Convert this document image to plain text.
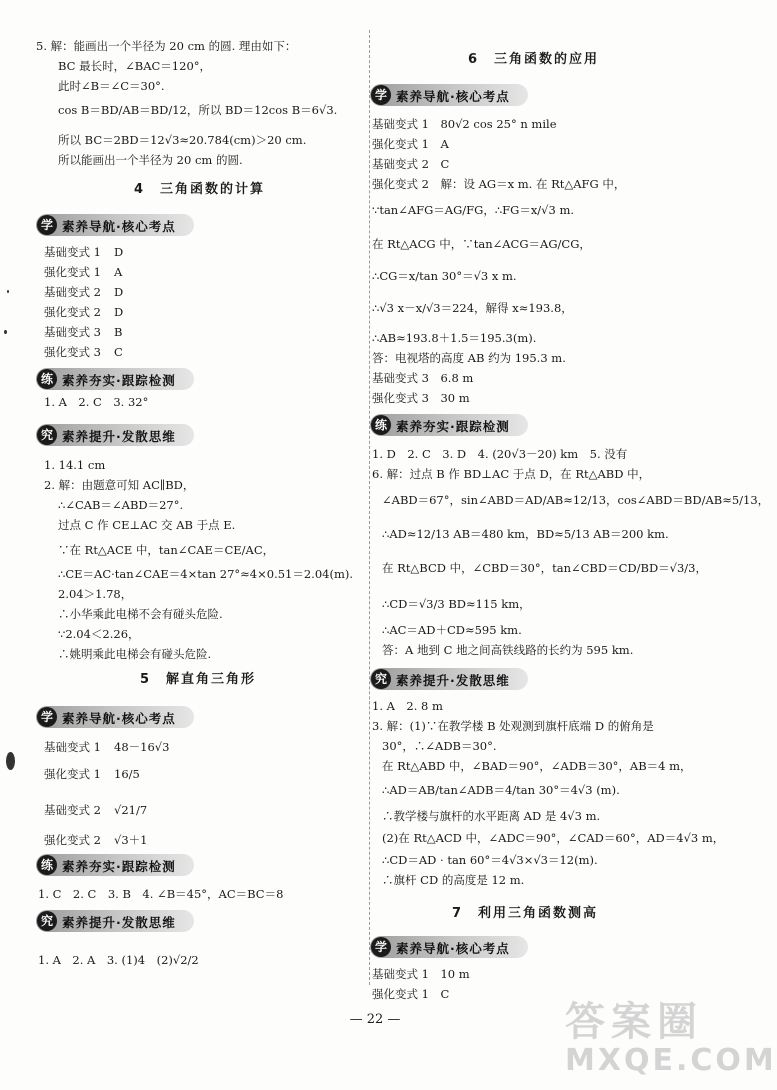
5. 解：能画出一个半径为 20 cm 的圆. 理由如下：
BC 最长时，∠BAC＝120°，
此时∠B＝∠C＝30°.
cos B＝BD/AB＝BD/12，所以 BD＝12cos B＝6√3.
所以 BC＝2BD＝12√3≈20.784(cm)＞20 cm.
所以能画出一个半径为 20 cm 的圆.
1. 14.1 cm
2. 解：由题意可知 AC∥BD，
∴∠CAB＝∠ABD＝27°.
过点 C 作 CE⊥AC 交 AB 于点 E.
∵在 Rt△ACE 中，tan∠CAE＝CE/AC，
∴CE＝AC·tan∠CAE＝4×tan 27°≈4×0.51＝2.04(m).
2.04＞1.78，
∴小华乘此电梯不会有碰头危险.
∵2.04＜2.26，
∴姚明乘此电梯会有碰头危险.
1. C　2. C　3. B　4. ∠B＝45°，AC＝BC＝8
1. A　2. A　3. (1)4　(2)√2/2
基础变式 1 D
强化变式 1 A
基础变式 2 D
强化变式 2 D
基础变式 3 B
强化变式 3 C
基础变式 1 48－16√3
强化变式 1 16/5
基础变式 2 √21/7
强化变式 2 √3＋1
基础变式 1　80√2 cos 25° n mile
强化变式 1　A
基础变式 2　C
强化变式 2　解：设 AG＝x m. 在 Rt△AFG 中，
∵tan∠AFG＝AG/FG，∴FG＝x/√3 m.
在 Rt△ACG 中，∵tan∠ACG＝AG/CG，
∴CG＝x/tan 30°＝√3 x m.
∴√3 x－x/√3＝224，解得 x≈193.8，
∴AB≈193.8＋1.5＝195.3(m).
答：电视塔的高度 AB 约为 195.3 m.
基础变式 3　6.8 m
强化变式 3　30 m
1. D　2. C　3. D　4. (20√3－20) km　5. 没有
6. 解：过点 B 作 BD⊥AC 于点 D，在 Rt△ABD 中，
∠ABD＝67°，sin∠ABD＝AD/AB≈12/13，cos∠ABD＝BD/AB≈5/13，
∴AD≈12/13 AB＝480 km，BD≈5/13 AB＝200 km.
在 Rt△BCD 中，∠CBD＝30°，tan∠CBD＝CD/BD＝√3/3，
∴CD＝√3/3 BD≈115 km，
∴AC＝AD＋CD≈595 km.
答：A 地到 C 地之间高铁线路的长约为 595 km.
1. A　2. 8 m
3. 解：(1)∵在教学楼 B 处观测到旗杆底端 D 的俯角是
30°，∴∠ADB＝30°.
在 Rt△ABD 中，∠BAD＝90°，∠ADB＝30°，AB＝4 m，
∴AD＝AB/tan∠ADB＝4/tan 30°＝4√3 (m).
∴教学楼与旗杆的水平距离 AD 是 4√3 m.
(2)在 Rt△ACD 中，∠ADC＝90°，∠CAD＝60°，AD＝4√3 m，
∴CD＝AD · tan 60°＝4√3×√3＝12(m).
∴旗杆 CD 的高度是 12 m.
基础变式 1　10 m
强化变式 1　C
4　三角函数的计算
5　解直角三角形
6　三角函数的应用
7　利用三角函数测高
学 素养导航·核心考点
练 素养夯实·跟踪检测
究 素养提升·发散思维
学 素养导航·核心考点
练 素养夯实·跟踪检测
究 素养提升·发散思维
学 素养导航·核心考点
练 素养夯实·跟踪检测
究 素养提升·发散思维
学 素养导航·核心考点
1. A　2. C　3. 32°
— 22 —	答案圈
MXQE.COM
